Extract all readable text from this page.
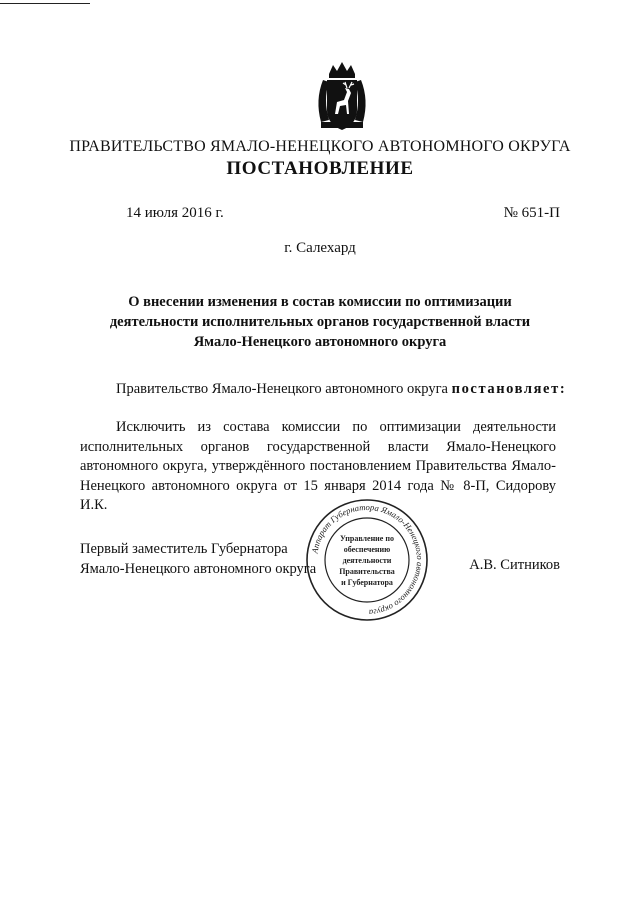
ПРАВИТЕЛЬСТВО ЯМАЛО-НЕНЕЦКОГО АВТОНОМНОГО ОКРУГА
ПОСТАНОВЛЕНИЕ
14 июля 2016 г.	№ 651-П
г. Салехард
О внесении изменения в состав комиссии по оптимизации
деятельности исполнительных органов государственной власти
Ямало-Ненецкого автономного округа
Правительство Ямало-Ненецкого автономного округа постановляет:
Исключить из состава комиссии по оптимизации деятельности исполнительных органов государственной власти Ямало-Ненецкого автономного округа, утверждённого постановлением Правительства Ямало-Ненецкого автономного округа от 15 января 2014 года № 8-П, Сидорову И.К.
Первый заместитель Губернатора
Ямало-Ненецкого автономного округа	А.В. Ситников
Аппарат Губернатора Ямало-Ненецкого автономного округа
Управление по
обеспечению
деятельности
Правительства
и Губернатора
